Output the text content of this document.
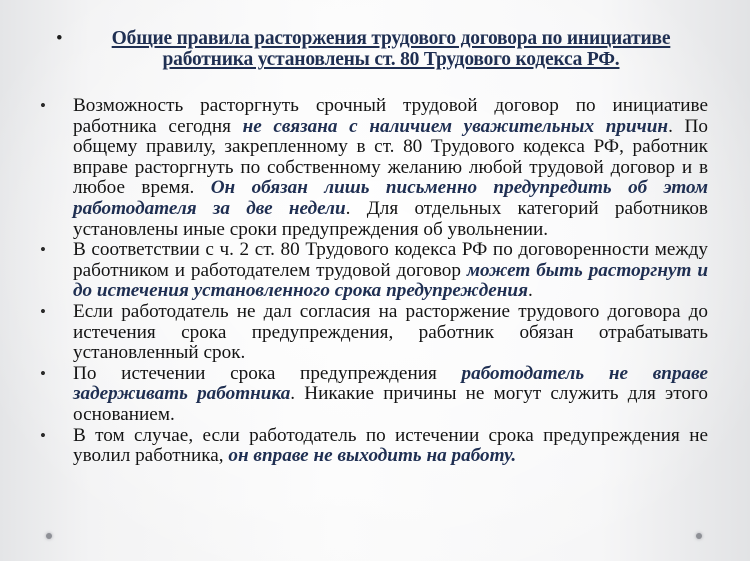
•	Общие правила расторжения трудового договора по инициативе работника установлены ст. 80 Трудового кодекса РФ.
• Возможность расторгнуть срочный трудовой договор по инициативе работника сегодня не связана с наличием уважительных причин. По общему правилу, закрепленному в ст. 80 Трудового кодекса РФ, работник вправе расторгнуть по собственному желанию любой трудовой договор и в любое время. Он обязан лишь письменно предупредить об этом работодателя за две недели. Для отдельных категорий работников установлены иные сроки предупреждения об увольнении.
• В соответствии с ч. 2 ст. 80 Трудового кодекса РФ по договоренности между работником и работодателем трудовой договор может быть расторгнут и до истечения установленного срока предупреждения.
• Если работодатель не дал согласия на расторжение трудового договора до истечения срока предупреждения, работник обязан отрабатывать установленный срок.
• По истечении срока предупреждения работодатель не вправе задерживать работника. Никакие причины не могут служить для этого основанием.
• В том случае, если работодатель по истечении срока предупреждения не уволил работника, он вправе не выходить на работу.
